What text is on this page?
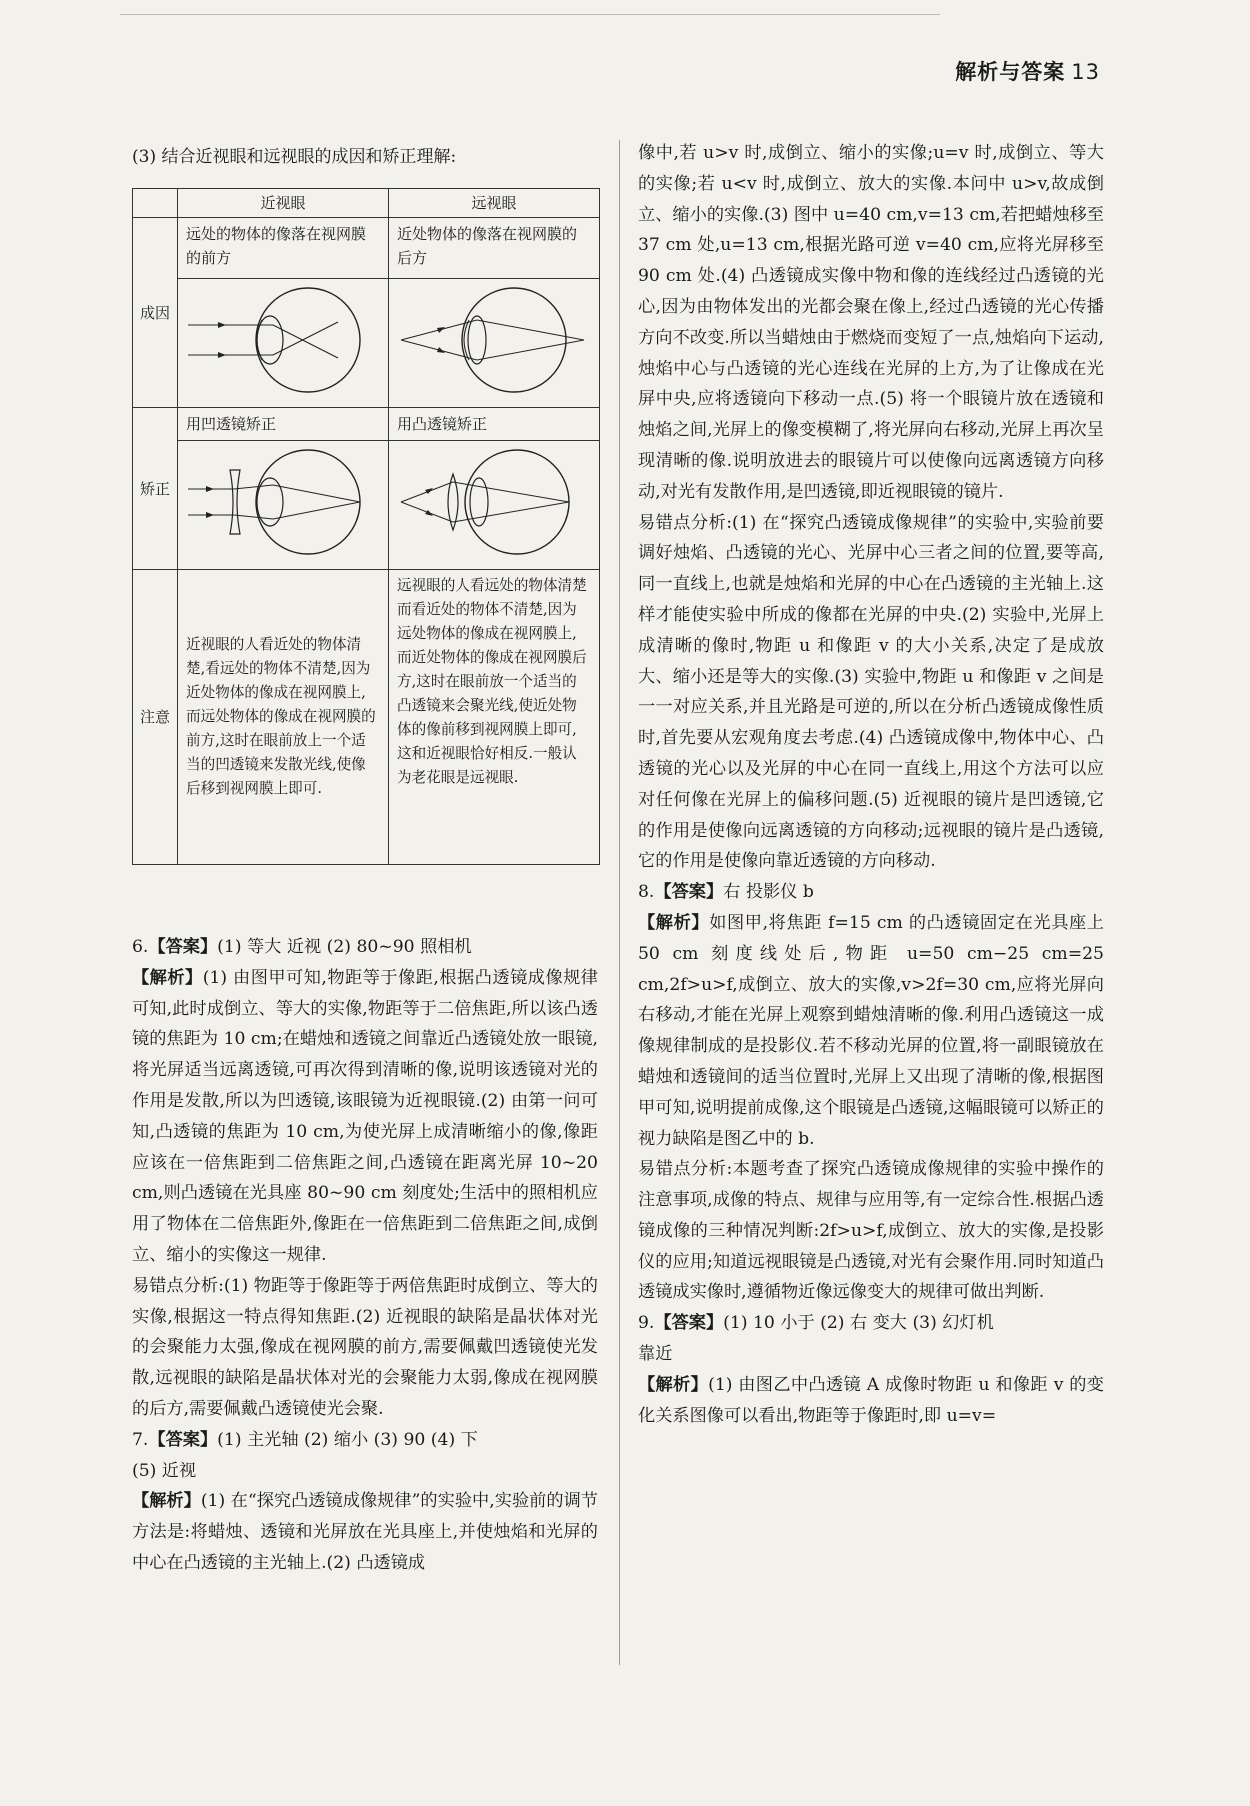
解析与答案 13
(3) 结合近视眼和远视眼的成因和矫正理解:
	近视眼	远视眼
成因	远处的物体的像落在视网膜的前方	近处物体的像落在视网膜的后方

矫正	用凹透镜矫正	用凸透镜矫正

注意	近视眼的人看近处的物体清楚,看远处的物体不清楚,因为近处物体的像成在视网膜上,而远处物体的像成在视网膜的前方,这时在眼前放上一个适当的凹透镜来发散光线,使像后移到视网膜上即可.	远视眼的人看远处的物体清楚而看近处的物体不清楚,因为远处物体的像成在视网膜上,而近处物体的像成在视网膜后方,这时在眼前放一个适当的凸透镜来会聚光线,使近处物体的像前移到视网膜上即可,这和近视眼恰好相反.一般认为老花眼是远视眼.

6.【答案】(1) 等大 近视 (2) 80~90 照相机

【解析】(1) 由图甲可知,物距等于像距,根据凸透镜成像规律可知,此时成倒立、等大的实像,物距等于二倍焦距,所以该凸透镜的焦距为 10 cm;在蜡烛和透镜之间靠近凸透镜处放一眼镜,将光屏适当远离透镜,可再次得到清晰的像,说明该透镜对光的作用是发散,所以为凹透镜,该眼镜为近视眼镜.(2) 由第一问可知,凸透镜的焦距为 10 cm,为使光屏上成清晰缩小的像,像距应该在一倍焦距到二倍焦距之间,凸透镜在距离光屏 10~20 cm,则凸透镜在光具座 80~90 cm 刻度处;生活中的照相机应用了物体在二倍焦距外,像距在一倍焦距到二倍焦距之间,成倒立、缩小的实像这一规律.

易错点分析:(1) 物距等于像距等于两倍焦距时成倒立、等大的实像,根据这一特点得知焦距.(2) 近视眼的缺陷是晶状体对光的会聚能力太强,像成在视网膜的前方,需要佩戴凹透镜使光发散,远视眼的缺陷是晶状体对光的会聚能力太弱,像成在视网膜的后方,需要佩戴凸透镜使光会聚.

7.【答案】(1) 主光轴 (2) 缩小 (3) 90 (4) 下

(5) 近视

【解析】(1) 在“探究凸透镜成像规律”的实验中,实验前的调节方法是:将蜡烛、透镜和光屏放在光具座上,并使烛焰和光屏的中心在凸透镜的主光轴上.(2) 凸透镜成

像中,若 u>v 时,成倒立、缩小的实像;u=v 时,成倒立、等大的实像;若 u<v 时,成倒立、放大的实像.本问中 u>v,故成倒立、缩小的实像.(3) 图中 u=40 cm,v=13 cm,若把蜡烛移至 37 cm 处,u=13 cm,根据光路可逆 v=40 cm,应将光屏移至 90 cm 处.(4) 凸透镜成实像中物和像的连线经过凸透镜的光心,因为由物体发出的光都会聚在像上,经过凸透镜的光心传播方向不改变.所以当蜡烛由于燃烧而变短了一点,烛焰向下运动,烛焰中心与凸透镜的光心连线在光屏的上方,为了让像成在光屏中央,应将透镜向下移动一点.(5) 将一个眼镜片放在透镜和烛焰之间,光屏上的像变模糊了,将光屏向右移动,光屏上再次呈现清晰的像.说明放进去的眼镜片可以使像向远离透镜方向移动,对光有发散作用,是凹透镜,即近视眼镜的镜片.

易错点分析:(1) 在“探究凸透镜成像规律”的实验中,实验前要调好烛焰、凸透镜的光心、光屏中心三者之间的位置,要等高,同一直线上,也就是烛焰和光屏的中心在凸透镜的主光轴上.这样才能使实验中所成的像都在光屏的中央.(2) 实验中,光屏上成清晰的像时,物距 u 和像距 v 的大小关系,决定了是成放大、缩小还是等大的实像.(3) 实验中,物距 u 和像距 v 之间是一一对应关系,并且光路是可逆的,所以在分析凸透镜成像性质时,首先要从宏观角度去考虑.(4) 凸透镜成像中,物体中心、凸透镜的光心以及光屏的中心在同一直线上,用这个方法可以应对任何像在光屏上的偏移问题.(5) 近视眼的镜片是凹透镜,它的作用是使像向远离透镜的方向移动;远视眼的镜片是凸透镜,它的作用是使像向靠近透镜的方向移动.

8.【答案】右 投影仪 b

【解析】如图甲,将焦距 f=15 cm 的凸透镜固定在光具座上 50 cm 刻度线处后,物距 u=50 cm−25 cm=25 cm,2f>u>f,成倒立、放大的实像,v>2f=30 cm,应将光屏向右移动,才能在光屏上观察到蜡烛清晰的像.利用凸透镜这一成像规律制成的是投影仪.若不移动光屏的位置,将一副眼镜放在蜡烛和透镜间的适当位置时,光屏上又出现了清晰的像,根据图甲可知,说明提前成像,这个眼镜是凸透镜,这幅眼镜可以矫正的视力缺陷是图乙中的 b.

易错点分析:本题考查了探究凸透镜成像规律的实验中操作的注意事项,成像的特点、规律与应用等,有一定综合性.根据凸透镜成像的三种情况判断:2f>u>f,成倒立、放大的实像,是投影仪的应用;知道远视眼镜是凸透镜,对光有会聚作用.同时知道凸透镜成实像时,遵循物近像远像变大的规律可做出判断.

9.【答案】(1) 10 小于 (2) 右 变大 (3) 幻灯机

靠近

【解析】(1) 由图乙中凸透镜 A 成像时物距 u 和像距 v 的变化关系图像可以看出,物距等于像距时,即 u=v=
